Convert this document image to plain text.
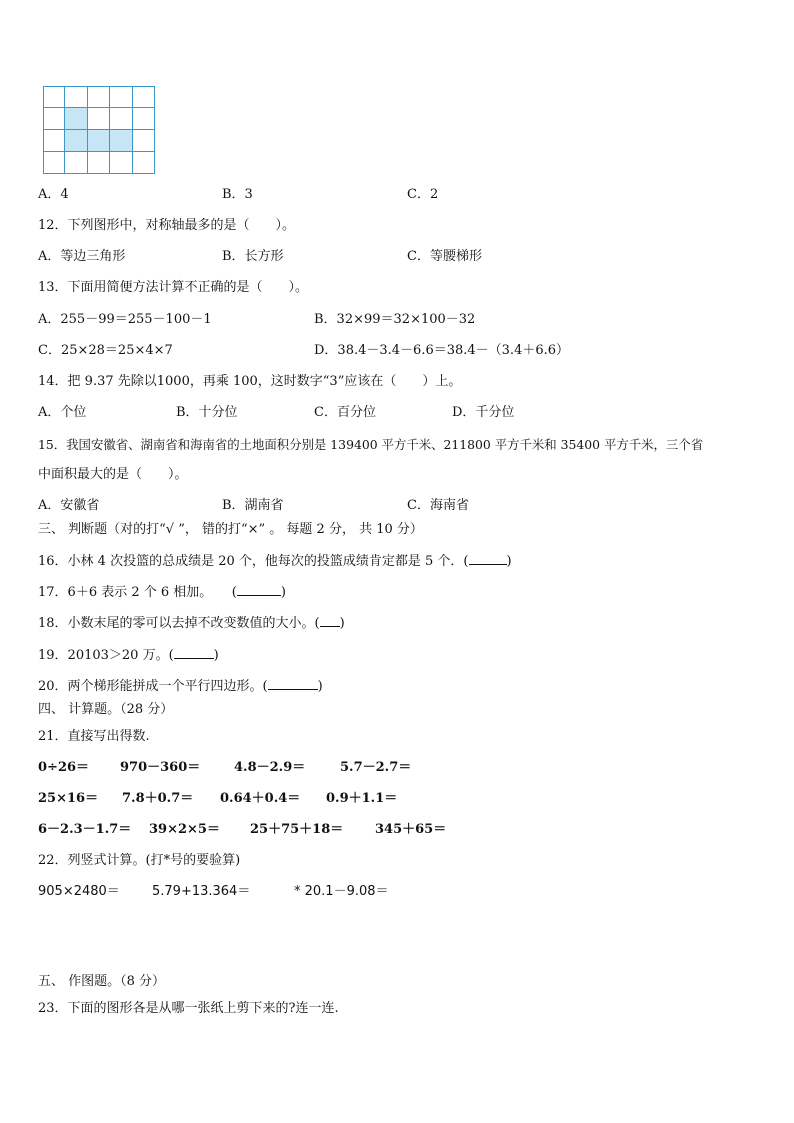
A．4	B．3	C．2
12．下列图形中，对称轴最多的是（　　）。
A．等边三角形	B．长方形	C．等腰梯形
13．下面用简便方法计算不正确的是（　　）。
A．255－99＝255－100－1	B．32×99＝32×100－32
C．25×28＝25×4×7	D．38.4－3.4－6.6＝38.4－（3.4＋6.6）
14．把 9.37 先除以1000，再乘 100，这时数字“3”应该在（　　）上。
A．个位	B．十分位	C．百分位	D．千分位
15．我国安徽省、湖南省和海南省的土地面积分别是 139400 平方千米、211800 平方千米和 35400 平方千米，三个省
中面积最大的是（　　）。
A．安徽省	B．湖南省	C．海南省
三、 判断题（对的打“√ ”， 错的打“×” 。 每题 2 分， 共 10 分）
16．小林 4 次投篮的总成绩是 20 个，他每次的投篮成绩肯定都是 5 个．(	)
17．6＋6 表示 2 个 6 相加。　　(	)
18．小数末尾的零可以去掉不改变数值的大小。( )
19．20103＞20 万。(	)
20．两个梯形能拼成一个平行四边形。(	)
四、 计算题。（28 分）
21．直接写出得数.
0÷26＝ 970－360＝	4.8－2.9＝	5.7－2.7＝
25×16＝ 7.8＋0.7＝ 0.64＋0.4＝ 0.9＋1.1＝
6－2.3－1.7＝ 39×2×5＝ 25＋75＋18＝ 345＋65＝
22．列竖式计算。(打*号的要验算)
905×2480＝ 5.79+13.364＝	* 20.1－9.08＝
五、 作图题。（8 分）
23．下面的图形各是从哪一张纸上剪下来的?连一连.
